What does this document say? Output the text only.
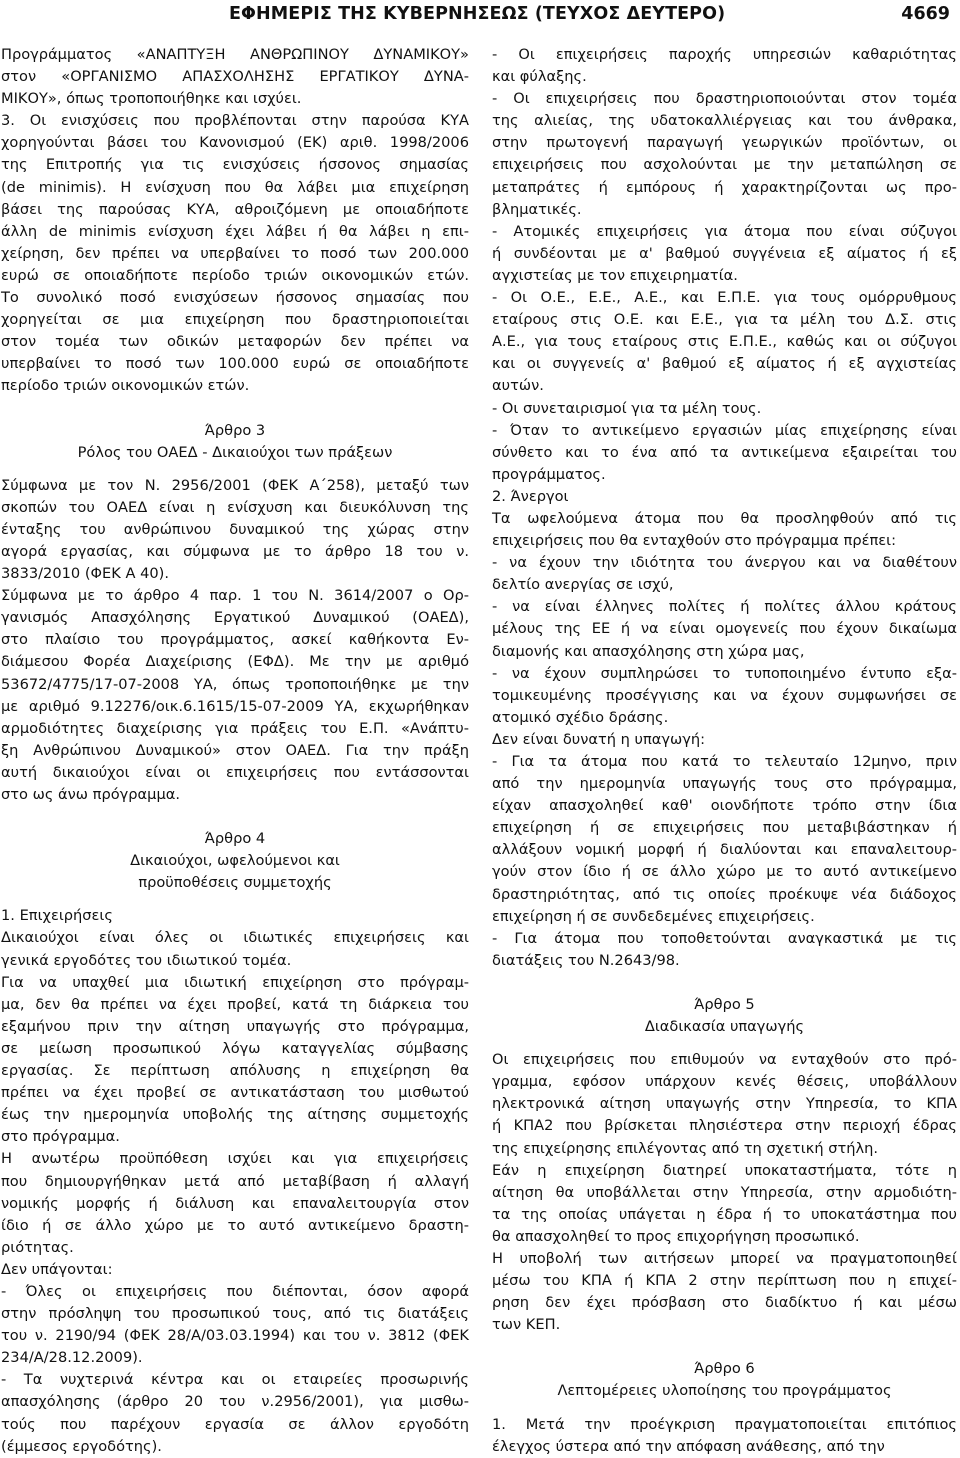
ΕΦΗΜΕΡΙΣ ΤΗΣ ΚΥΒΕΡΝΗΣΕΩΣ (ΤΕΥΧΟΣ ΔΕΥΤΕΡΟ)	4669
Προγράμματος «ΑΝΑΠΤΥΞΗ ΑΝΘΡΩΠΙΝΟΥ ΔΥΝΑΜΙΚΟΥ»
στον «ΟΡΓΑΝΙΣΜΟ ΑΠΑΣΧΟΛΗΣΗΣ ΕΡΓΑΤΙΚΟΥ ΔΥΝΑ-
ΜΙΚΟΥ», όπως τροποποιήθηκε και ισχύει.
3. Οι ενισχύσεις που προβλέπονται στην παρούσα ΚΥΑ
χορηγούνται βάσει του Κανονισμού (ΕΚ) αριθ. 1998/2006
της Επιτροπής για τις ενισχύσεις ήσσονος σημασίας
(de minimis). Η ενίσχυση που θα λάβει μια επιχείρηση
βάσει της παρούσας ΚΥΑ, αθροιζόμενη με οποιαδήποτε
άλλη de minimis ενίσχυση έχει λάβει ή θα λάβει η επι-
χείρηση, δεν πρέπει να υπερβαίνει το ποσό των 200.000
ευρώ σε οποιαδήποτε περίοδο τριών οικονομικών ετών.
Το συνολικό ποσό ενισχύσεων ήσσονος σημασίας που
χορηγείται σε μια επιχείρηση που δραστηριοποιείται
στον τομέα των οδικών μεταφορών δεν πρέπει να
υπερβαίνει το ποσό των 100.000 ευρώ σε οποιαδήποτε
περίοδο τριών οικονομικών ετών.
Άρθρο 3
Ρόλος του ΟΑΕΔ - Δικαιούχοι των πράξεων
Σύμφωνα με τον Ν. 2956/2001 (ΦΕΚ Α΄258), μεταξύ των
σκοπών του ΟΑΕΔ είναι η ενίσχυση και διευκόλυνση της
ένταξης του ανθρώπινου δυναμικού της χώρας στην
αγορά εργασίας, και σύμφωνα με το άρθρο 18 του ν.
3833/2010 (ΦΕΚ Α 40).
Σύμφωνα με το άρθρο 4 παρ. 1 του Ν. 3614/2007 ο Ορ-
γανισμός Απασχόλησης Εργατικού Δυναμικού (ΟΑΕΔ),
στο πλαίσιο του προγράμματος, ασκεί καθήκοντα Εν-
διάμεσου Φορέα Διαχείρισης (ΕΦΔ). Με την με αριθμό
53672/4775/17-07-2008 ΥΑ, όπως τροποποιήθηκε με την
με αριθμό 9.12276/οικ.6.1615/15-07-2009 ΥΑ, εκχωρήθηκαν
αρμοδιότητες διαχείρισης για πράξεις του Ε.Π. «Ανάπτυ-
ξη Ανθρώπινου Δυναμικού» στον ΟΑΕΔ. Για την πράξη
αυτή δικαιούχοι είναι οι επιχειρήσεις που εντάσσονται
στο ως άνω πρόγραμμα.
Άρθρο 4
Δικαιούχοι, ωφελούμενοι και
προϋποθέσεις συμμετοχής
1. Επιχειρήσεις
Δικαιούχοι είναι όλες οι ιδιωτικές επιχειρήσεις και
γενικά εργοδότες του ιδιωτικού τομέα.
Για να υπαχθεί μια ιδιωτική επιχείρηση στο πρόγραμ-
μα, δεν θα πρέπει να έχει προβεί, κατά τη διάρκεια του
εξαμήνου πριν την αίτηση υπαγωγής στο πρόγραμμα,
σε μείωση προσωπικού λόγω καταγγελίας σύμβασης
εργασίας. Σε περίπτωση απόλυσης η επιχείρηση θα
πρέπει να έχει προβεί σε αντικατάσταση του μισθωτού
έως την ημερομηνία υποβολής της αίτησης συμμετοχής
στο πρόγραμμα.
Η ανωτέρω προϋπόθεση ισχύει και για επιχειρήσεις
που δημιουργήθηκαν μετά από μεταβίβαση ή αλλαγή
νομικής μορφής ή διάλυση και επαναλειτουργία στον
ίδιο ή σε άλλο χώρο με το αυτό αντικείμενο δραστη-
ριότητας.
Δεν υπάγονται:
- Όλες οι επιχειρήσεις που διέπονται, όσον αφορά
στην πρόσληψη του προσωπικού τους, από τις διατάξεις
του ν. 2190/94 (ΦΕΚ 28/Α/03.03.1994) και του ν. 3812 (ΦΕΚ
234/Α/28.12.2009).
- Τα νυχτερινά κέντρα και οι εταιρείες προσωρινής
απασχόλησης (άρθρο 20 του ν.2956/2001), για μισθω-
τούς που παρέχουν εργασία σε άλλον εργοδότη
(έμμεσος εργοδότης).
- Οι επιχειρήσεις παροχής υπηρεσιών καθαριότητας
και φύλαξης.
- Οι επιχειρήσεις που δραστηριοποιούνται στον τομέα
της αλιείας, της υδατοκαλλιέργειας και του άνθρακα,
στην πρωτογενή παραγωγή γεωργικών προϊόντων, οι
επιχειρήσεις που ασχολούνται με την μεταπώληση σε
μεταπράτες ή εμπόρους ή χαρακτηρίζονται ως προ-
βληματικές.
- Ατομικές επιχειρήσεις για άτομα που είναι σύζυγοι
ή συνδέονται με α' βαθμού συγγένεια εξ αίματος ή εξ
αγχιστείας με τον επιχειρηματία.
- Οι Ο.Ε., Ε.Ε., Α.Ε., και Ε.Π.Ε. για τους ομόρρυθμους
εταίρους στις Ο.Ε. και Ε.Ε., για τα μέλη του Δ.Σ. στις
Α.Ε., για τους εταίρους στις Ε.Π.Ε., καθώς και οι σύζυγοι
και οι συγγενείς α' βαθμού εξ αίματος ή εξ αγχιστείας
αυτών.
- Οι συνεταιρισμοί για τα μέλη τους.
- Όταν το αντικείμενο εργασιών μίας επιχείρησης είναι
σύνθετο και το ένα από τα αντικείμενα εξαιρείται του
προγράμματος.
2. Άνεργοι
Τα ωφελούμενα άτομα που θα προσληφθούν από τις
επιχειρήσεις που θα ενταχθούν στο πρόγραμμα πρέπει:
- να έχουν την ιδιότητα του άνεργου και να διαθέτουν
δελτίο ανεργίας σε ισχύ,
- να είναι έλληνες πολίτες ή πολίτες άλλου κράτους
μέλους της ΕΕ ή να είναι ομογενείς που έχουν δικαίωμα
διαμονής και απασχόλησης στη χώρα μας,
- να έχουν συμπληρώσει το τυποποιημένο έντυπο εξα-
τομικευμένης προσέγγισης και να έχουν συμφωνήσει σε
ατομικό σχέδιο δράσης.
Δεν είναι δυνατή η υπαγωγή:
- Για τα άτομα που κατά το τελευταίο 12μηνο, πριν
από την ημερομηνία υπαγωγής τους στο πρόγραμμα,
είχαν απασχοληθεί καθ' οιονδήποτε τρόπο στην ίδια
επιχείρηση ή σε επιχειρήσεις που μεταβιβάστηκαν ή
αλλάξουν νομική μορφή ή διαλύονται και επαναλειτουρ-
γούν στον ίδιο ή σε άλλο χώρο με το αυτό αντικείμενο
δραστηριότητας, από τις οποίες προέκυψε νέα διάδοχος
επιχείρηση ή σε συνδεδεμένες επιχειρήσεις.
- Για άτομα που τοποθετούνται αναγκαστικά με τις
διατάξεις του Ν.2643/98.
Άρθρο 5
Διαδικασία υπαγωγής
Οι επιχειρήσεις που επιθυμούν να ενταχθούν στο πρό-
γραμμα, εφόσον υπάρχουν κενές θέσεις, υποβάλλουν
ηλεκτρονικά αίτηση υπαγωγής στην Υπηρεσία, το ΚΠΑ
ή ΚΠΑ2 που βρίσκεται πλησιέστερα στην περιοχή έδρας
της επιχείρησης επιλέγοντας από τη σχετική στήλη.
Εάν η επιχείρηση διατηρεί υποκαταστήματα, τότε η
αίτηση θα υποβάλλεται στην Υπηρεσία, στην αρμοδιότη-
τα της οποίας υπάγεται η έδρα ή το υποκατάστημα που
θα απασχοληθεί το προς επιχορήγηση προσωπικό.
Η υποβολή των αιτήσεων μπορεί να πραγματοποιηθεί
μέσω του ΚΠΑ ή ΚΠΑ 2 στην περίπτωση που η επιχεί-
ρηση δεν έχει πρόσβαση στο διαδίκτυο ή και μέσω
των ΚΕΠ.
Άρθρο 6
Λεπτομέρειες υλοποίησης του προγράμματος
1. Μετά την προέγκριση πραγματοποιείται επιτόπιος
έλεγχος ύστερα από την απόφαση ανάθεσης, από την
